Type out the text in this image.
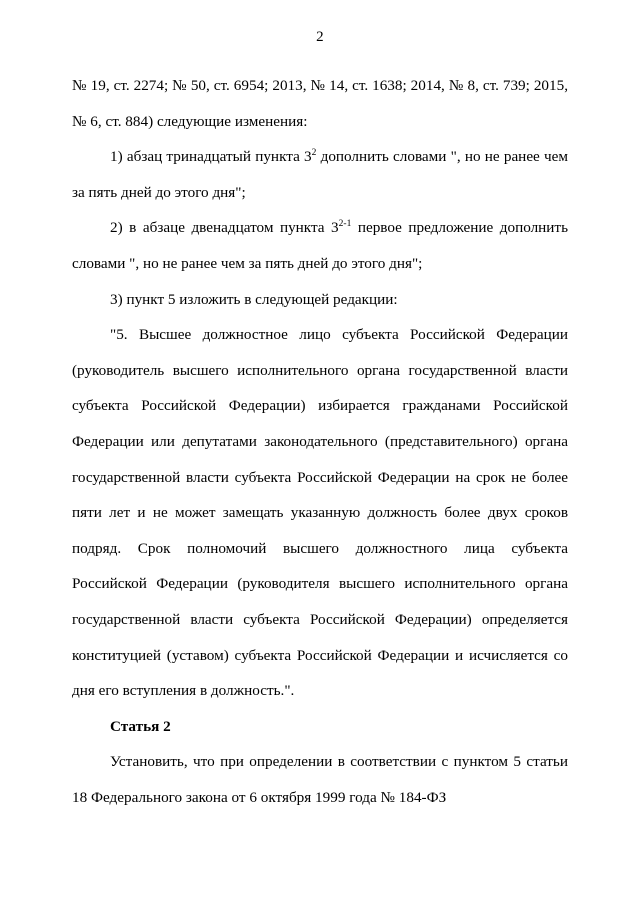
2

№ 19, ст. 2274; № 50, ст. 6954; 2013, № 14, ст. 1638; 2014, № 8, ст. 739; 2015, № 6, ст. 884) следующие изменения:

1) абзац тринадцатый пункта $3^2$ дополнить словами ", но не ранее чем за пять дней до этого дня";

2) в абзаце двенадцатом пункта 3$^{2-1}$ первое предложение дополнить словами ", но не ранее чем за пять дней до этого дня";

3) пункт 5 изложить в следующей редакции:

"5. Высшее должностное лицо субъекта Российской Федерации (руководитель высшего исполнительного органа государственной власти субъекта Российской Федерации) избирается гражданами Российской Федерации или депутатами законодательного (представительного) органа государственной власти субъекта Российской Федерации на срок не более пяти лет и не может замещать указанную должность более двух сроков подряд. Срок полномочий высшего должностного лица субъекта Российской Федерации (руководителя высшего исполнительного органа государственной власти субъекта Российской Федерации) определяется конституцией (уставом) субъекта Российской Федерации и исчисляется со дня его вступления в должность.".

Статья 2

Установить, что при определении в соответствии с пунктом 5 статьи 18 Федерального закона от 6 октября 1999 года № 184-ФЗ
